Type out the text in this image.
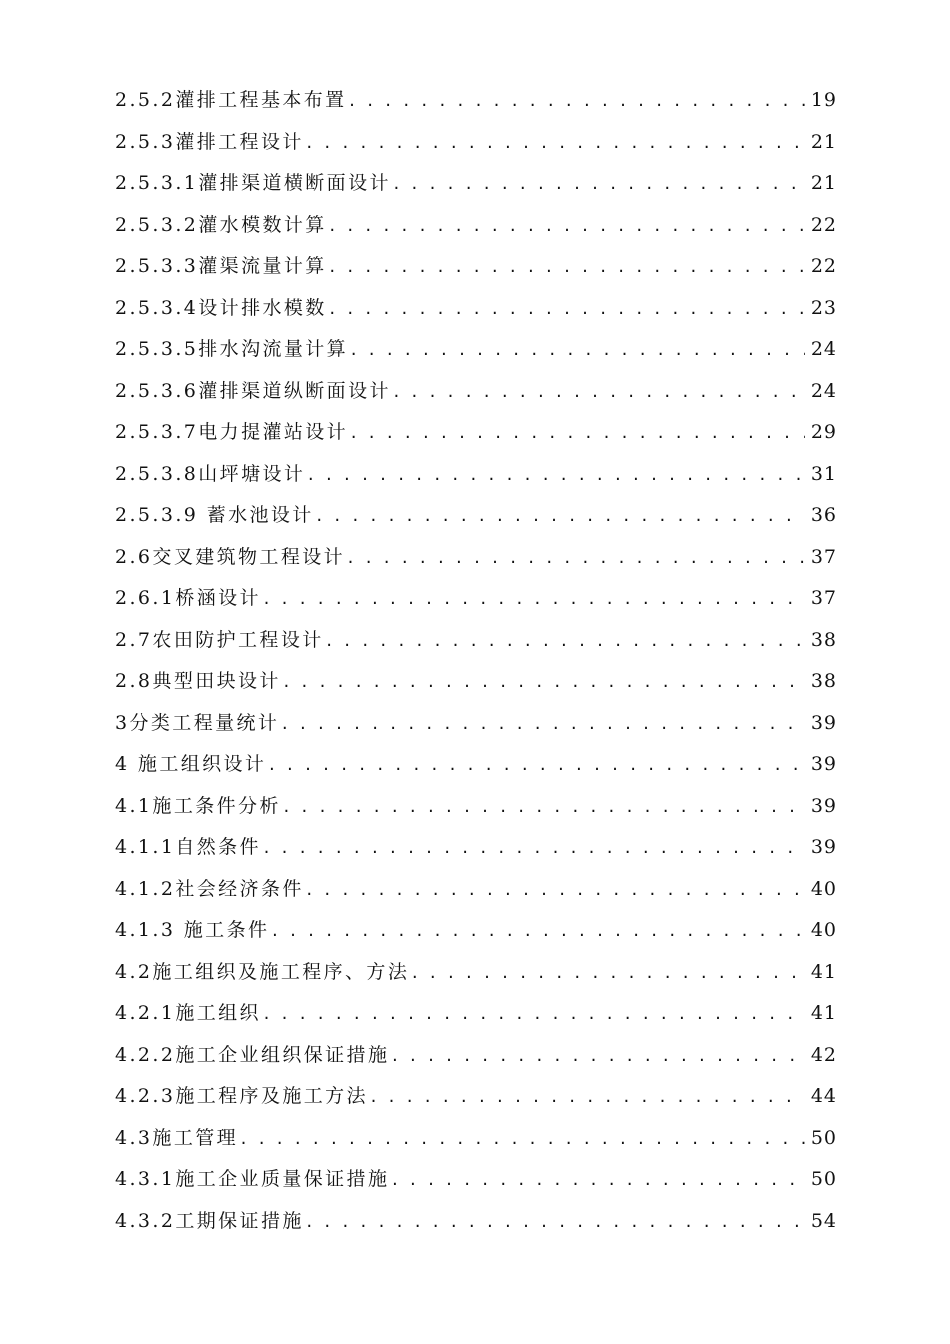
2.5.2灌排工程基本布置 . . .	19
2.5.3灌排工程设计 . . .	21
2.5.3.1灌排渠道横断面设计 . . .	21
2.5.3.2灌水模数计算 . . .	22
2.5.3.3灌渠流量计算 . . .	22
2.5.3.4设计排水模数 . . .	23
2.5.3.5排水沟流量计算 . . .	24
2.5.3.6灌排渠道纵断面设计 . . .	24
2.5.3.7电力提灌站设计 . . .	29
2.5.3.8山坪塘设计 . . .	31
2.5.3.9 蓄水池设计 . . .	36
2.6交叉建筑物工程设计 . . .	37
2.6.1桥涵设计 . . .	37
2.7农田防护工程设计 . . .	38
2.8典型田块设计 . . .	38
3分类工程量统计 . . .	39
4 施工组织设计 . . .	39
4.1施工条件分析 . . .	39
4.1.1自然条件 . . .	39
4.1.2社会经济条件 . . .	40
4.1.3 施工条件 . . .	40
4.2施工组织及施工程序、方法 . . .	41
4.2.1施工组织 . . .	41
4.2.2施工企业组织保证措施 . . .	42
4.2.3施工程序及施工方法 . . .	44
4.3施工管理 . . .	50
4.3.1施工企业质量保证措施 . . .	50
4.3.2工期保证措施 . . .	54
